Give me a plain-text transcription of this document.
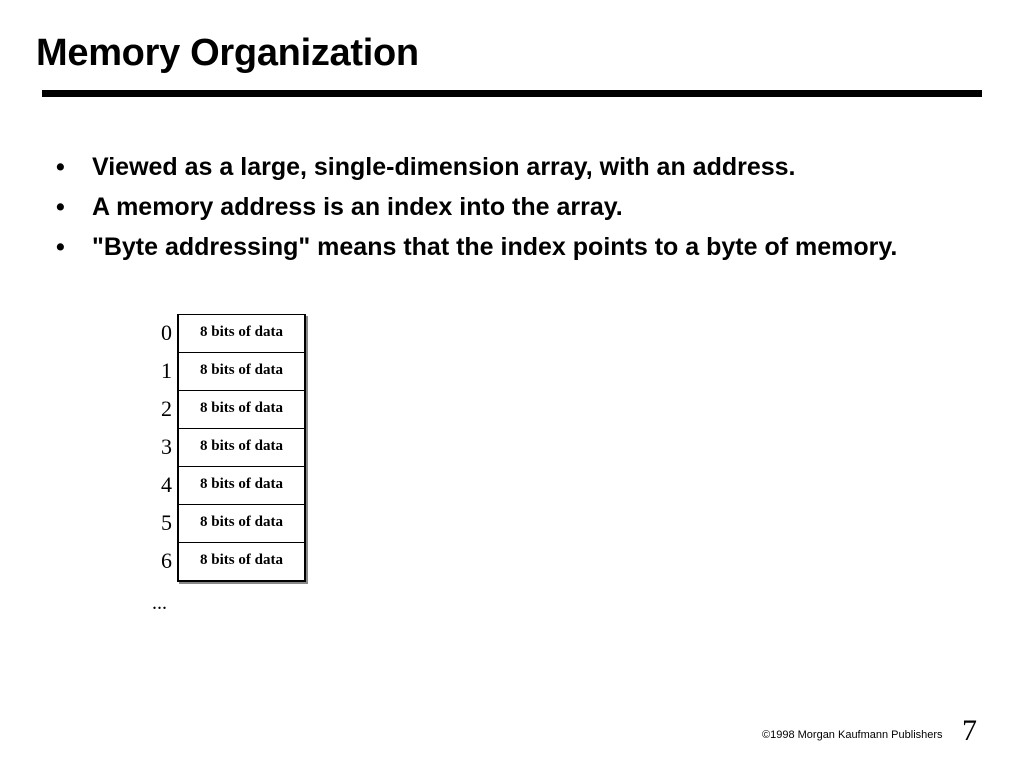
Memory Organization
• Viewed as a large, single-dimension array, with an address.
• A memory address is an index into the array.
• "Byte addressing" means that the index points to a byte of memory.
0
1
2
3
4
5
6
...
8 bits of data
8 bits of data
8 bits of data
8 bits of data
8 bits of data
8 bits of data
8 bits of data
©1998 Morgan Kaufmann Publishers 7
